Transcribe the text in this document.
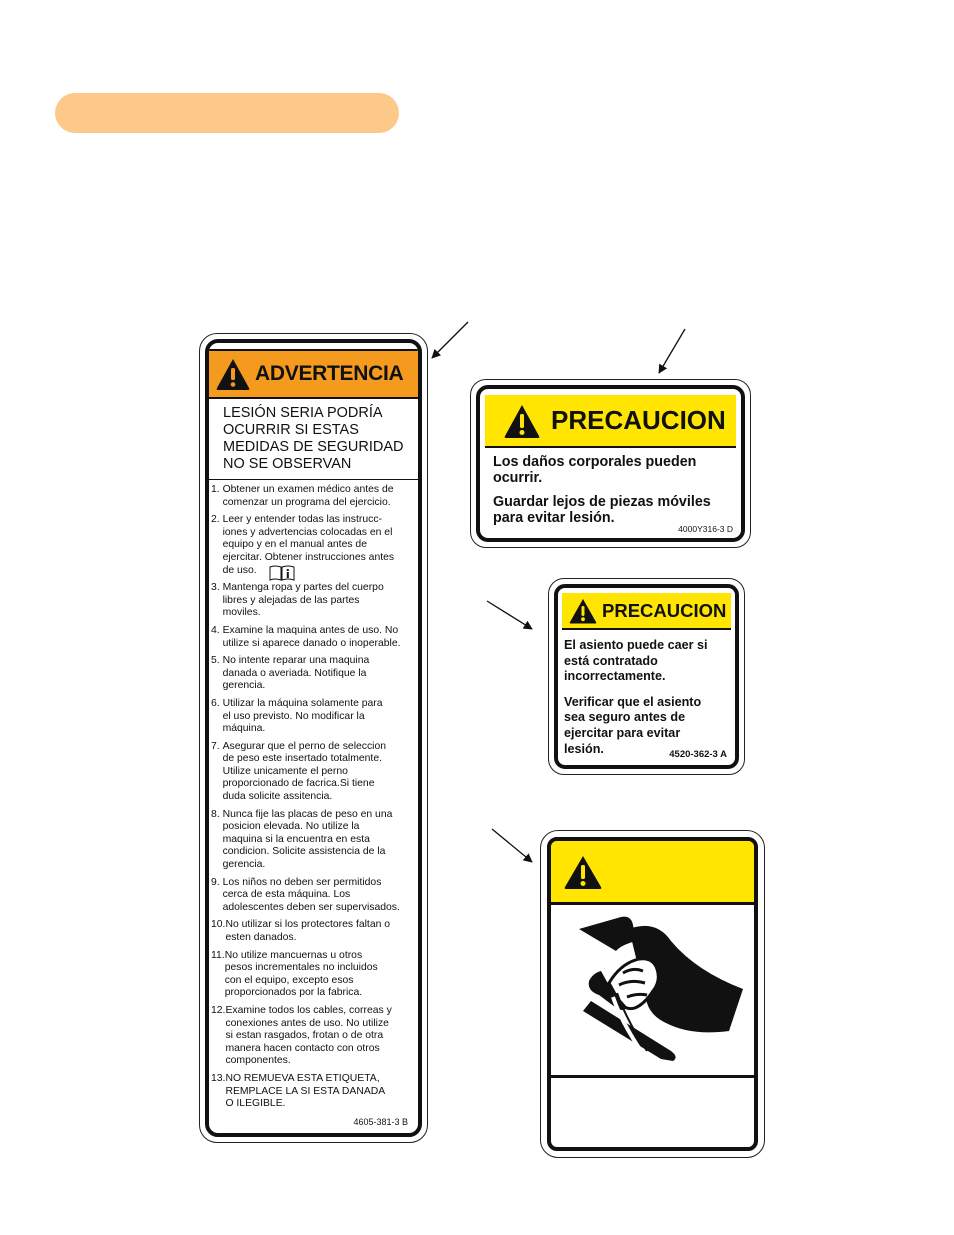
ADVERTENCIA
LESIÓN SERIA PODRÍA
OCURRIR SI ESTAS
MEDIDAS DE SEGURIDAD
NO SE OBSERVAN
1. Obtener un examen médico antes de
comenzar un programa del ejercicio.
2. Leer y entender todas las instrucc-
iones y advertencias colocadas en el
equipo y en el manual antes de
ejercitar. Obtener instrucciones antes
de uso.
3. Mantenga ropa y partes del cuerpo
libres y alejadas de las partes
moviles.
4. Examine la maquina antes de uso. No
utilize si aparece danado o inoperable.
5. No intente reparar una maquina
danada o averiada. Notifique la
gerencia.
6. Utilizar la máquina solamente para
el uso previsto. No modificar la
máquina.
7. Asegurar que el perno de seleccion
de peso este insertado totalmente.
Utilize unicamente el perno
proporcionado de facrica.Si tiene
duda solicite assitencia.
8. Nunca fije las placas de peso en una
posicion elevada. No utilize la
maquina si la encuentra en esta
condicion. Solicite assistencia de la
gerencia.
9. Los niños no deben ser permitidos
cerca de esta máquina. Los
adolescentes deben ser supervisados.
10. No utilizar si los protectores faltan o
esten danados.
11. No utilize mancuernas u otros
pesos incrementales no incluidos
con el equipo, excepto esos
proporcionados por la fabrica.
12. Examine todos los cables, correas y
conexiones antes de uso. No utilize
si estan rasgados, frotan o de otra
manera hacen contacto con otros
componentes.
13. NO REMUEVA ESTA ETIQUETA,
REMPLACE LA SI ESTA DANADA
O ILEGIBLE.
4605-381-3 B
PRECAUCION
Los daños corporales pueden
ocurrir.
Guardar lejos de piezas móviles
para evitar lesión.
4000Y316-3 D
PRECAUCION
El asiento puede caer si
está contratado
incorrectamente.
Verificar que el asiento
sea seguro antes de
ejercitar para evitar
lesión.	4520-362-3 A
